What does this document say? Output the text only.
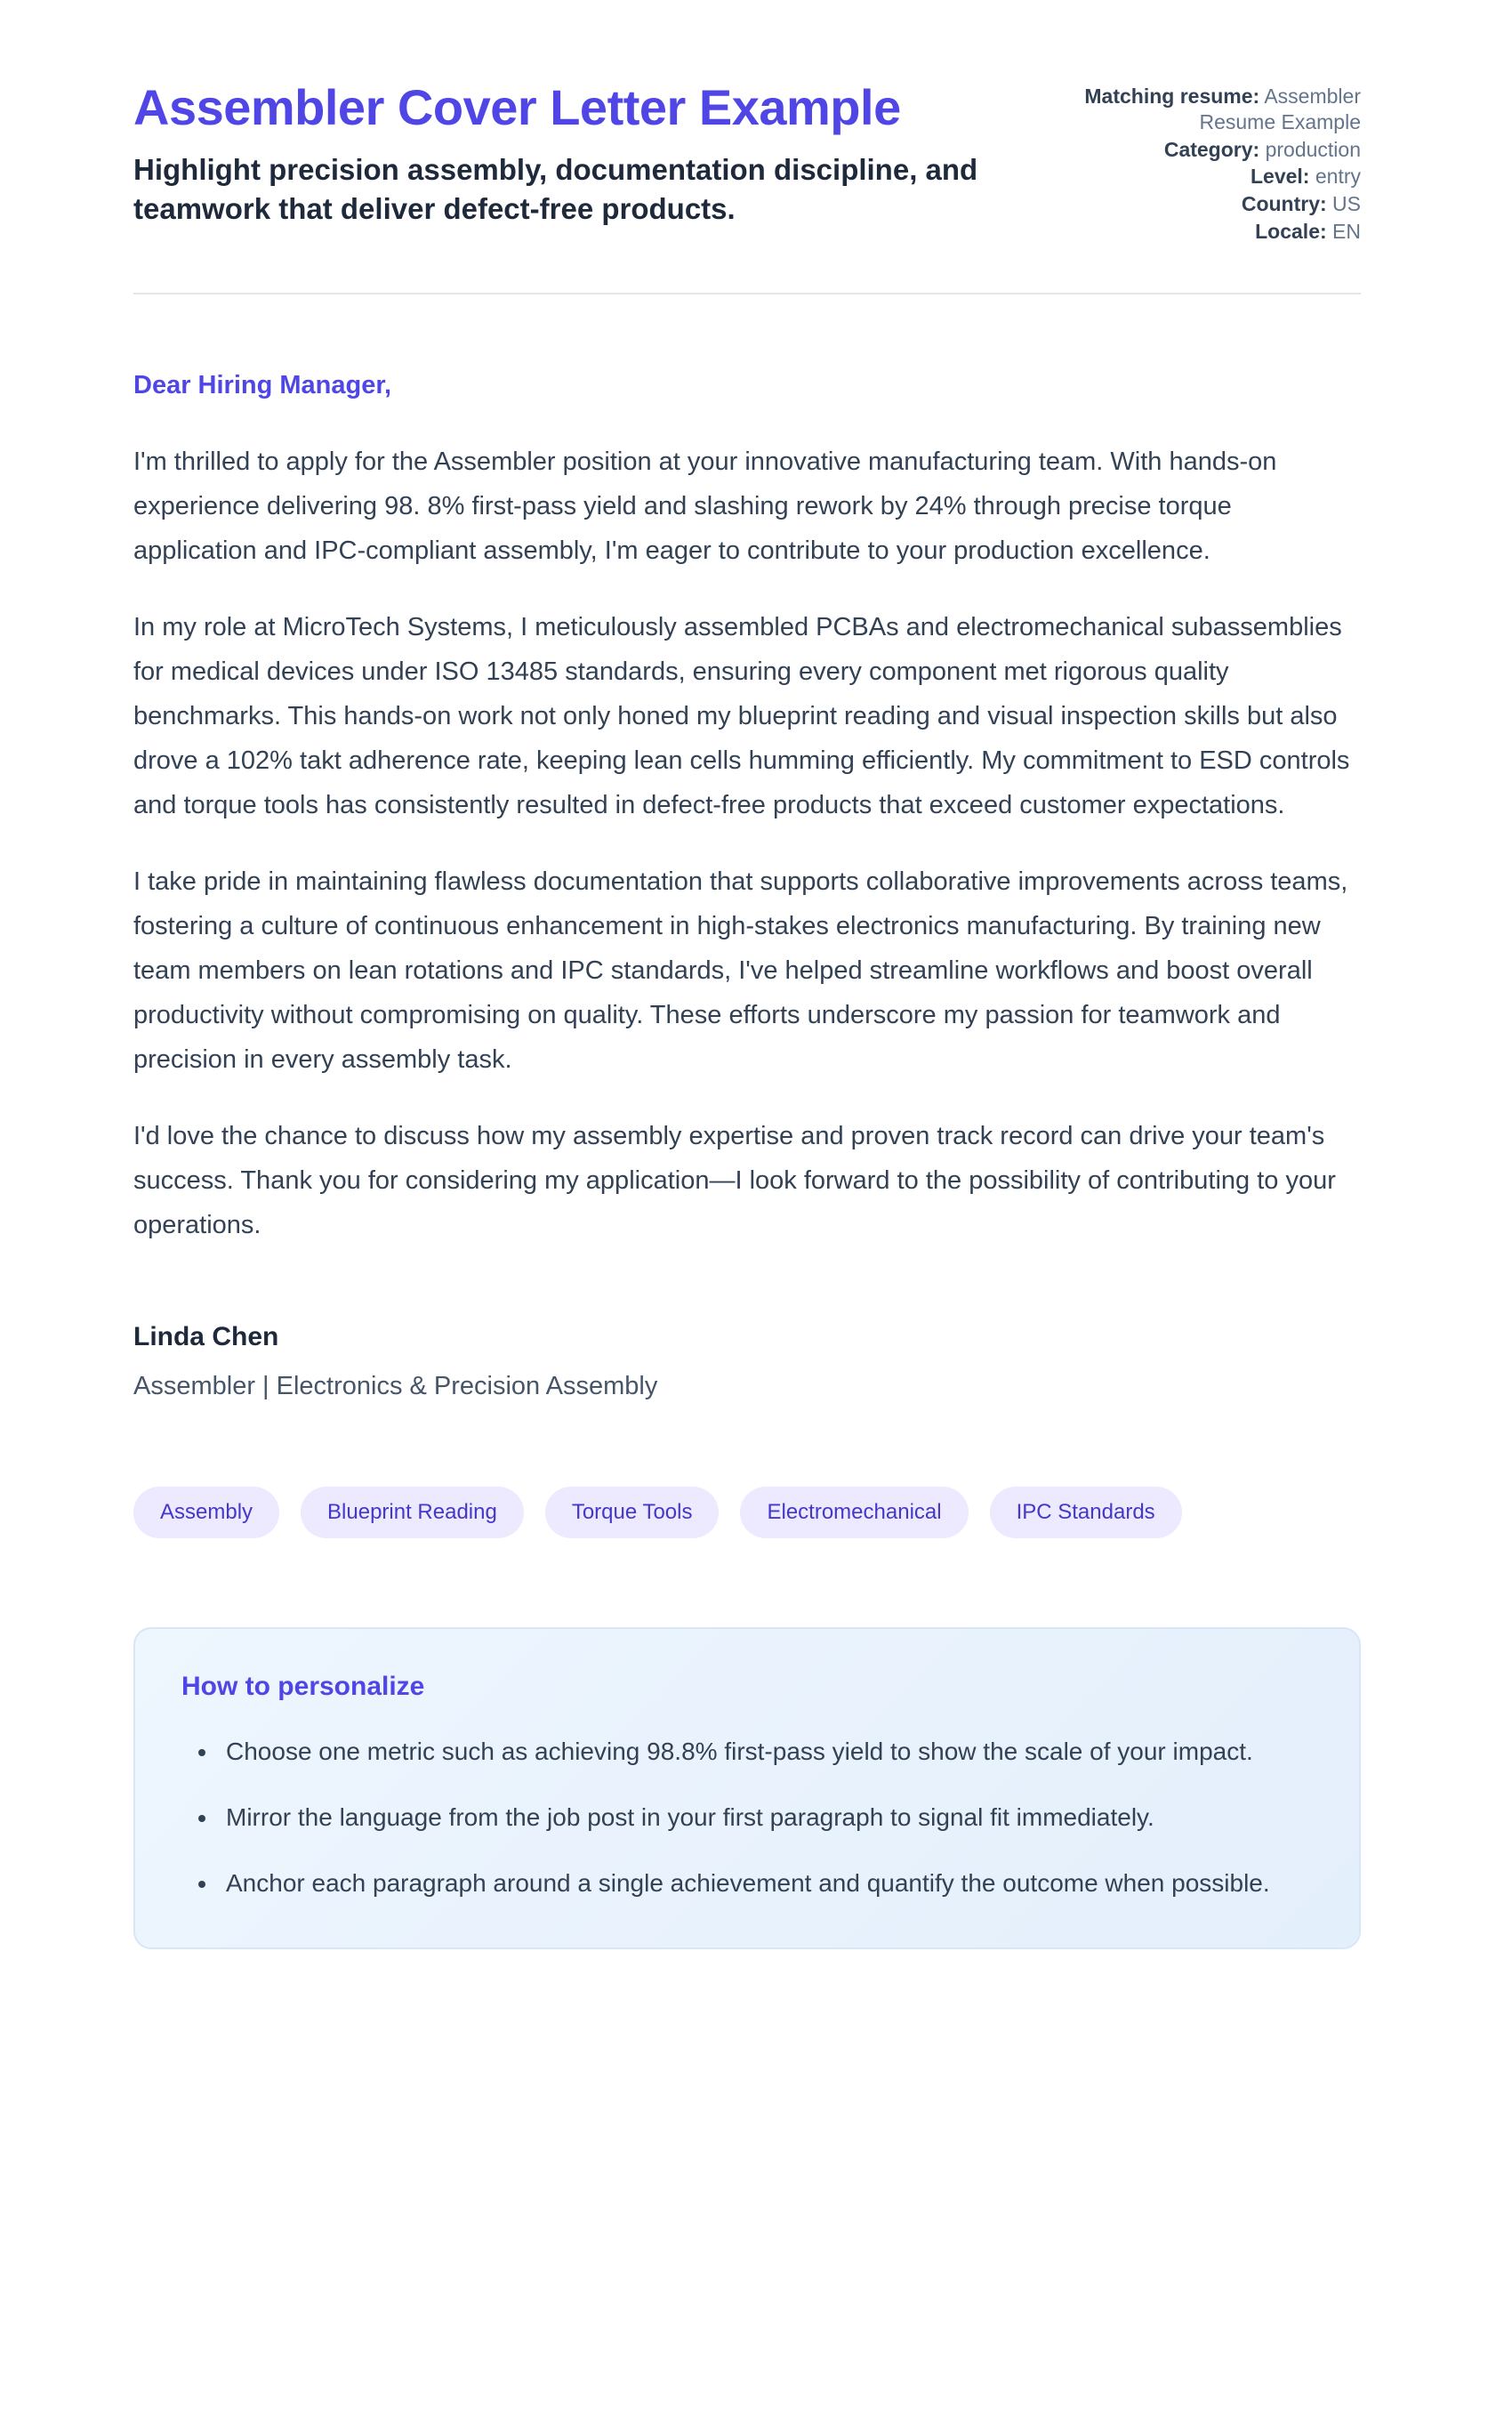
Assembler Cover Letter Example

Highlight precision assembly, documentation discipline, and teamwork that deliver defect-free products.

Matching resume: Assembler Resume Example
Category: production
Level: entry
Country: US
Locale: EN

Dear Hiring Manager,

I'm thrilled to apply for the Assembler position at your innovative manufacturing team. With hands-on experience delivering 98. 8% first-pass yield and slashing rework by 24% through precise torque application and IPC-compliant assembly, I'm eager to contribute to your production excellence.

In my role at MicroTech Systems, I meticulously assembled PCBAs and electromechanical subassemblies for medical devices under ISO 13485 standards, ensuring every component met rigorous quality benchmarks. This hands-on work not only honed my blueprint reading and visual inspection skills but also drove a 102% takt adherence rate, keeping lean cells humming efficiently. My commitment to ESD controls and torque tools has consistently resulted in defect-free products that exceed customer expectations.

I take pride in maintaining flawless documentation that supports collaborative improvements across teams, fostering a culture of continuous enhancement in high-stakes electronics manufacturing. By training new team members on lean rotations and IPC standards, I've helped streamline workflows and boost overall productivity without compromising on quality. These efforts underscore my passion for teamwork and precision in every assembly task.

I'd love the chance to discuss how my assembly expertise and proven track record can drive your team's success. Thank you for considering my application—I look forward to the possibility of contributing to your operations.

Linda Chen

Assembler | Electronics & Precision Assembly

Assembly	Blueprint Reading	Torque Tools	Electromechanical	IPC Standards
How to personalize
• Choose one metric such as achieving 98.8% first-pass yield to show the scale of your impact.
• Mirror the language from the job post in your first paragraph to signal fit immediately.
• Anchor each paragraph around a single achievement and quantify the outcome when possible.
